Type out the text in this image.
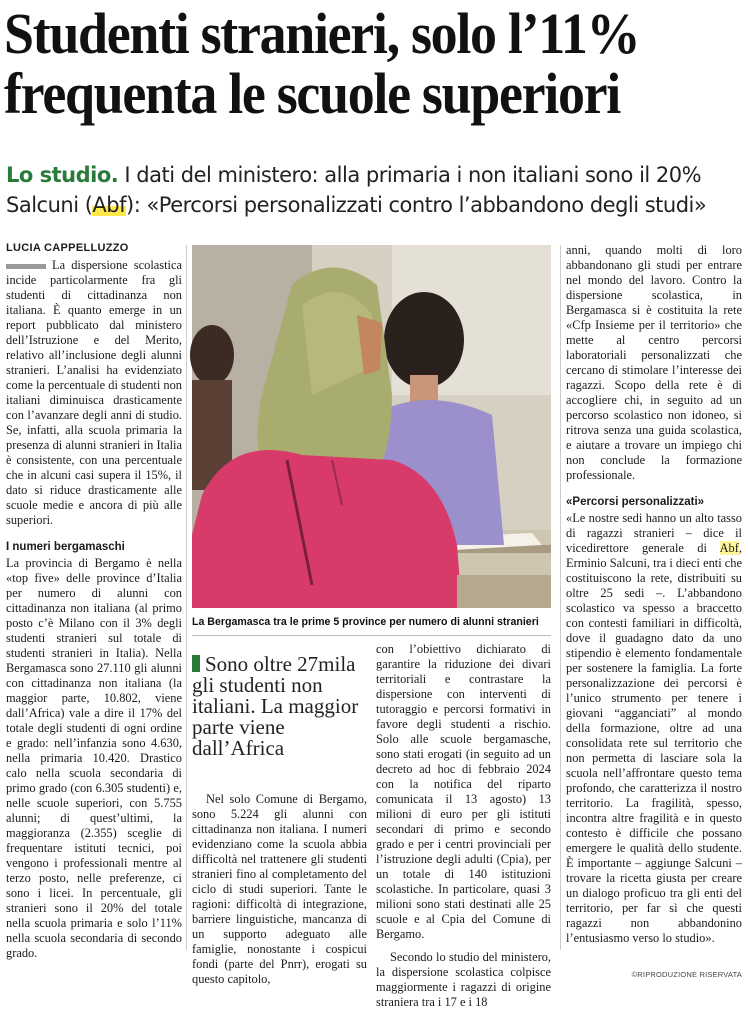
Studenti stranieri, solo l’11%
frequenta le scuole superiori
Lo studio. I dati del ministero: alla primaria i non italiani sono il 20%
Salcuni (Abf): «Percorsi personalizzati contro l’abbandono degli studi»
LUCIA CAPPELLUZZO

La dispersione scolastica incide particolarmente fra gli studenti di cittadinanza non italiana. È quanto emerge in un report pubblicato dal ministero dell’Istruzione e del Merito, relativo all’inclusione degli alunni stranieri. L’analisi ha evidenziato come la percentuale di studenti non italiani diminuisca drasticamente con l’avanzare degli anni di studio. Se, infatti, alla scuola primaria la presenza di alunni stranieri in Italia è consistente, con una percentuale che in alcuni casi supera il 15%, il dato si riduce drasticamente alle scuole medie e ancora di più alle superiori.

I numeri bergamaschi

La provincia di Bergamo è nella «top five» delle province d’Italia per numero di alunni con cittadinanza non italiana (al primo posto c’è Milano con il 3% degli studenti stranieri sul totale di studenti stranieri in Italia). Nella Bergamasca sono 27.110 gli alunni con cittadinanza non italiana (la maggior parte, 10.802, viene dall’Africa) vale a dire il 17% del totale degli studenti di ogni ordine e grado: nell’infanzia sono 4.630, nella primaria 10.420. Drastico calo nella scuola secondaria di primo grado (con 6.305 studenti) e, nelle scuole superiori, con 5.755 alunni; di quest’ultimi, la maggioranza (2.355) sceglie di frequentare istituti tecnici, poi vengono i professionali mentre al terzo posto, nelle preferenze, ci sono i licei. In percentuale, gli stranieri sono il 20% del totale nella scuola primaria e solo l’11% nella scuola secondaria di secondo grado.

La Bergamasca tra le prime 5 province per numero di alunni stranieri
Sono oltre 27mila gli studenti non italiani. La maggior parte viene dall’Africa

Nel solo Comune di Bergamo, sono 5.224 gli alunni con cittadinanza non italiana. I numeri evidenziano come la scuola abbia difficoltà nel trattenere gli studenti stranieri fino al completamento del ciclo di studi superiori. Tante le ragioni: difficoltà di integrazione, barriere linguistiche, mancanza di un supporto adeguato alle famiglie, nonostante i cospicui fondi (parte del Pnrr), erogati su questo capitolo,

con l’obiettivo dichiarato di garantire la riduzione dei divari territoriali e contrastare la dispersione con interventi di tutoraggio e percorsi formativi in favore degli studenti a rischio. Solo alle scuole bergamasche, sono stati erogati (in seguito ad un decreto ad hoc di febbraio 2024 con la notifica del riparto comunicata il 13 agosto) 13 milioni di euro per gli istituti secondari di primo e secondo grado e per i centri provinciali per l’istruzione degli adulti (Cpia), per un totale di 140 istituzioni scolastiche. In particolare, quasi 3 milioni sono stati destinati alle 25 scuole e al Cpia del Comune di Bergamo.

Secondo lo studio del ministero, la dispersione scolastica colpisce maggiormente i ragazzi di origine straniera tra i 17 e i 18

anni, quando molti di loro abbandonano gli studi per entrare nel mondo del lavoro. Contro la dispersione scolastica, in Bergamasca si è costituita la rete «Cfp Insieme per il territorio» che mette al centro percorsi laboratoriali personalizzati che cercano di stimolare l’interesse dei ragazzi. Scopo della rete è di accogliere chi, in seguito ad un percorso scolastico non idoneo, si ritrova senza una guida scolastica, e aiutare a trovare un impiego chi non conclude la formazione professionale.

«Percorsi personalizzati»

«Le nostre sedi hanno un alto tasso di ragazzi stranieri – dice il vicedirettore generale di Abf, Erminio Salcuni, tra i dieci enti che costituiscono la rete, distribuiti su oltre 25 sedi –. L’abbandono scolastico va spesso a braccetto con contesti familiari in difficoltà, dove il guadagno dato da uno stipendio è elemento fondamentale per sostenere la famiglia. La forte personalizzazione dei percorsi è l’unico strumento per tenere i giovani “agganciati” al mondo della formazione, oltre ad una consolidata rete sul territorio che non permetta di lasciare sola la scuola nell’affrontare questo tema profondo, che caratterizza il nostro territorio. La fragilità, spesso, incontra altre fragilità e in questo contesto è difficile che possano emergere le qualità dello studente. È importante – aggiunge Salcuni – trovare la ricetta giusta per creare un dialogo proficuo tra gli enti del territorio, per far sì che questi ragazzi non abbandonino l’entusiasmo verso lo studio».

©RIPRODUZIONE RISERVATA
